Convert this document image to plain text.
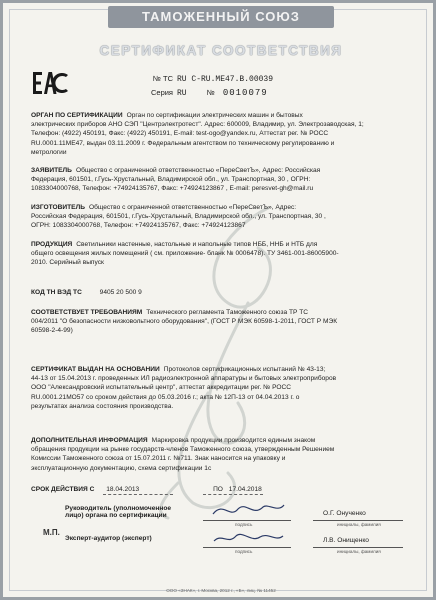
ТАМОЖЕННЫЙ СОЮЗ
СЕРТИФИКАТ СООТВЕТСТВИЯ
№ ТС RU C-RU.ME47.B.00039
Серия RU	№ 0010079
ОРГАН ПО СЕРТИФИКАЦИИ Орган по сертификации электрических машин и бытовых
электрических приборов АНО СЭП "Центрэлектротест". Адрес: 600009, Владимир, ул. Электрозаводская, 1;
Телефон: (4922) 450191, Факс: (4922) 450191, E-mail: test-ogo@yandex.ru, Аттестат рег. № РОСС
RU.0001.11ME47, выдан 03.11.2009 г. Федеральным агентством по техническому регулированию и
метрологии
ЗАЯВИТЕЛЬ Общество с ограниченной ответственностью «ПереСветЪ», Адрес: Российская
Федерация, 601501, г.Гусь-Хрустальный, Владимирской обл., ул. Транспортная, 30 , ОГРН:
1083304000768, Телефон: +74924135767, Факс: +74924123867 , E-mail: peresvet-gh@mail.ru
ИЗГОТОВИТЕЛЬ Общество с ограниченной ответственностью «ПереСветЪ», Адрес:
Российская Федерация, 601501, г.Гусь-Хрустальный, Владимирской обл., ул. Транспортная, 30 ,
ОГРН: 1083304000768, Телефон: +74924135767, Факс: +74924123867
ПРОДУКЦИЯ Светильники настенные, настольные и напольные типов НББ, ННБ и НТБ для
общего освещения жилых помещений ( см. приложение- бланк № 0006478). ТУ 3461-001-86005900-
2010. Серийный выпуск
КОД ТН ВЭД ТС	9405 20 500 9
СООТВЕТСТВУЕТ ТРЕБОВАНИЯМ Технического регламента Таможенного союза ТР ТС
004/2011 "О безопасности низковольтного оборудования", (ГОСТ Р МЭК 60598-1-2011, ГОСТ Р МЭК
60598-2-4-99)
СЕРТИФИКАТ ВЫДАН НА ОСНОВАНИИ Протоколов сертификационных испытаний № 43-13;
44-13 от 15.04.2013 г. проведенных ИЛ радиоэлектронной аппаратуры и бытовых электроприборов
ООО "Александровский испытательный центр", аттестат аккредитации рег. № РОСС
RU.0001.21МО57 со сроком действия до 05.03.2016 г.; акта № 12П-13 от 04.04.2013 г. о
результатах анализа состояния производства.
ДОПОЛНИТЕЛЬНАЯ ИНФОРМАЦИЯ Маркировка продукции производится единым знаком
обращения продукции на рынке государств-членов Таможенного союза, утвержденным Решением
Комиссии Таможенного союза от 15.07.2011 г. №711. Знак наносится на упаковку и
эксплуатационную документацию, схема сертификации 1с
СРОК ДЕЙСТВИЯ С 18.04.2013	ПО 17.04.2018
Руководитель (уполномоченное
лицо) органа по сертификации
подпись
О.Г. Онученко
инициалы, фамилия
М.П.
Эксперт-аудитор (эксперт)
подпись
Л.В. Онищенко
инициалы, фамилия
ООО «ЗНАК», г. Москва, 2012 г., «Б», лиц. № 11452
